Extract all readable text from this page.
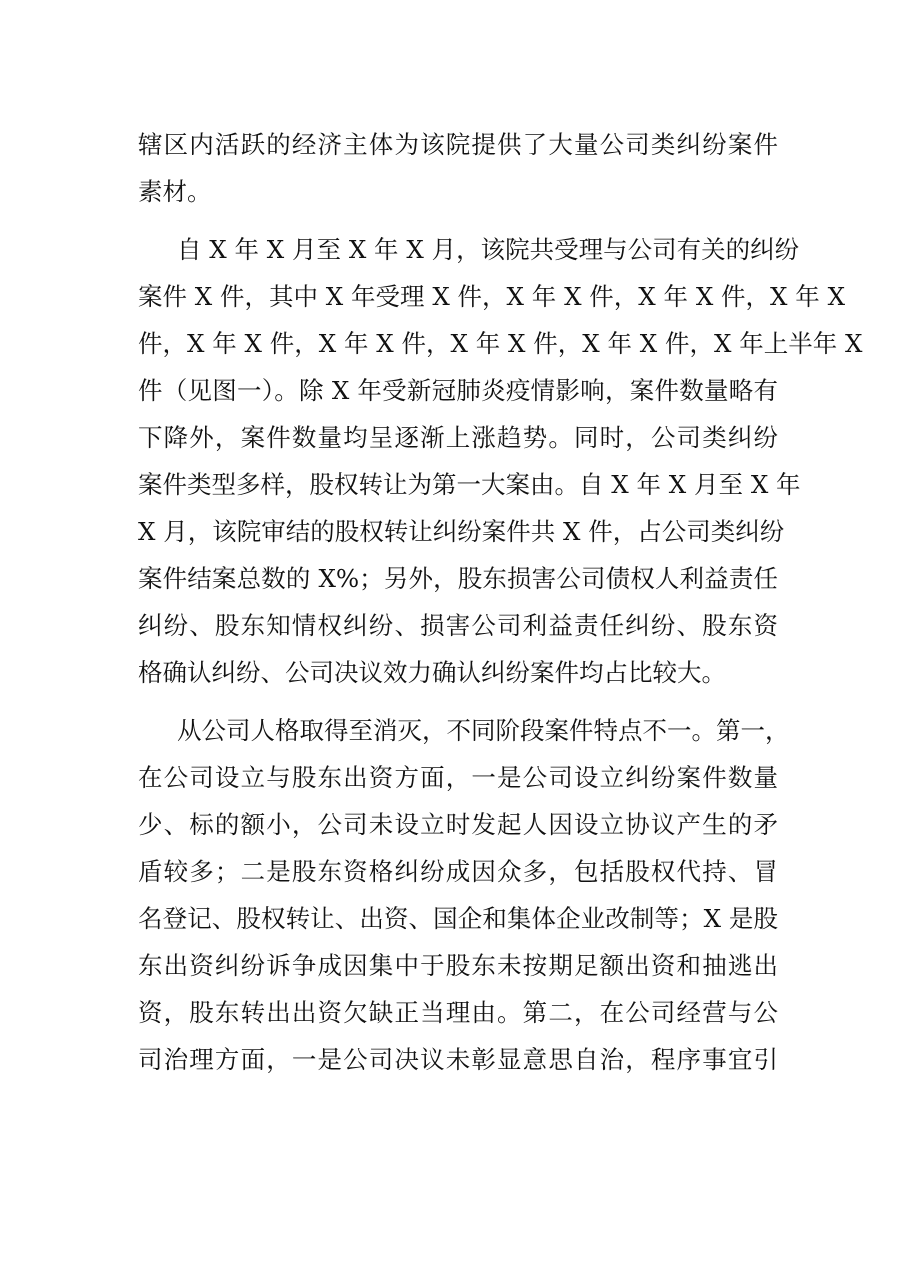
辖区内活跃的经济主体为该院提供了大量公司类纠纷案件
素材。
自 X 年 X 月至 X 年 X 月，该院共受理与公司有关的纠纷
案件 X 件，其中 X 年受理 X 件，X 年 X 件，X 年 X 件，X 年 X
件，X 年 X 件，X 年 X 件，X 年 X 件，X 年 X 件，X 年上半年 X
件（见图一）。除 X 年受新冠肺炎疫情影响，案件数量略有
下降外，案件数量均呈逐渐上涨趋势。同时，公司类纠纷
案件类型多样，股权转让为第一大案由。自 X 年 X 月至 X 年
X 月，该院审结的股权转让纠纷案件共 X 件，占公司类纠纷
案件结案总数的 X%；另外，股东损害公司债权人利益责任
纠纷、股东知情权纠纷、损害公司利益责任纠纷、股东资
格确认纠纷、公司决议效力确认纠纷案件均占比较大。
从公司人格取得至消灭，不同阶段案件特点不一。第一，
在公司设立与股东出资方面，一是公司设立纠纷案件数量
少、标的额小，公司未设立时发起人因设立协议产生的矛
盾较多；二是股东资格纠纷成因众多，包括股权代持、冒
名登记、股权转让、出资、国企和集体企业改制等；X 是股
东出资纠纷诉争成因集中于股东未按期足额出资和抽逃出
资，股东转出出资欠缺正当理由。第二，在公司经营与公
司治理方面，一是公司决议未彰显意思自治，程序事宜引
